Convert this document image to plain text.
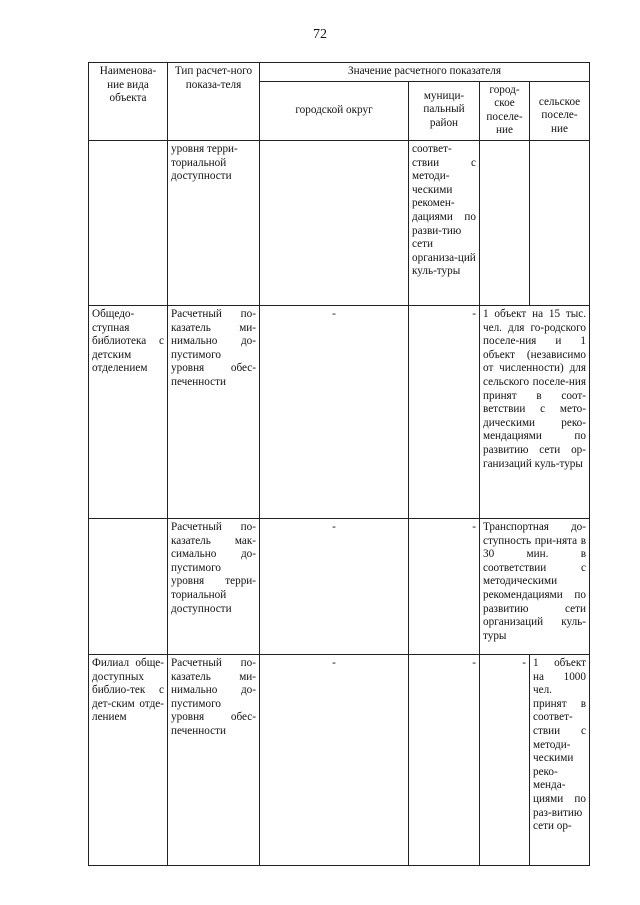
72
Наименова-ние вида объекта	Тип расчет-ного показа-теля	Значение расчетного показателя			
		городской округ	муници-пальный район	город-ское поселе-ние	сельское поселе-ние
	уровня терри-ториальной доступности		соответ-ствии с методи-ческими рекомен-дациями по разви-тию сети организа-ций куль-туры		
Общедо-ступная библиотека с детским отделением	Расчетный по-казатель ми-нимально до-пустимого уровня обес-печенности	-	-	1 объект на 15 тыс. чел. для го-родского поселе-ния и 1 объект (независимо от численности) для сельского поселе-ния принят в соот-ветствии с мето-дическими реко-мендациями по развитию сети ор-ганизаций куль-туры	
	Расчетный по-казатель мак-симально до-пустимого уровня терри-ториальной доступности	-	-	Транспортная до-ступность при-нята в 30 мин. в соответствии с методическими рекомендациями по развитию сети организаций куль-туры	
Филиал обще-доступных библио-тек с дет-ским отде-лением	Расчетный по-казатель ми-нимально до-пустимого уровня обес-печенности	-	-	-	1 объект на 1000 чел. принят в соответ-ствии с методи-ческими реко-менда-циями по раз-витию сети ор-
